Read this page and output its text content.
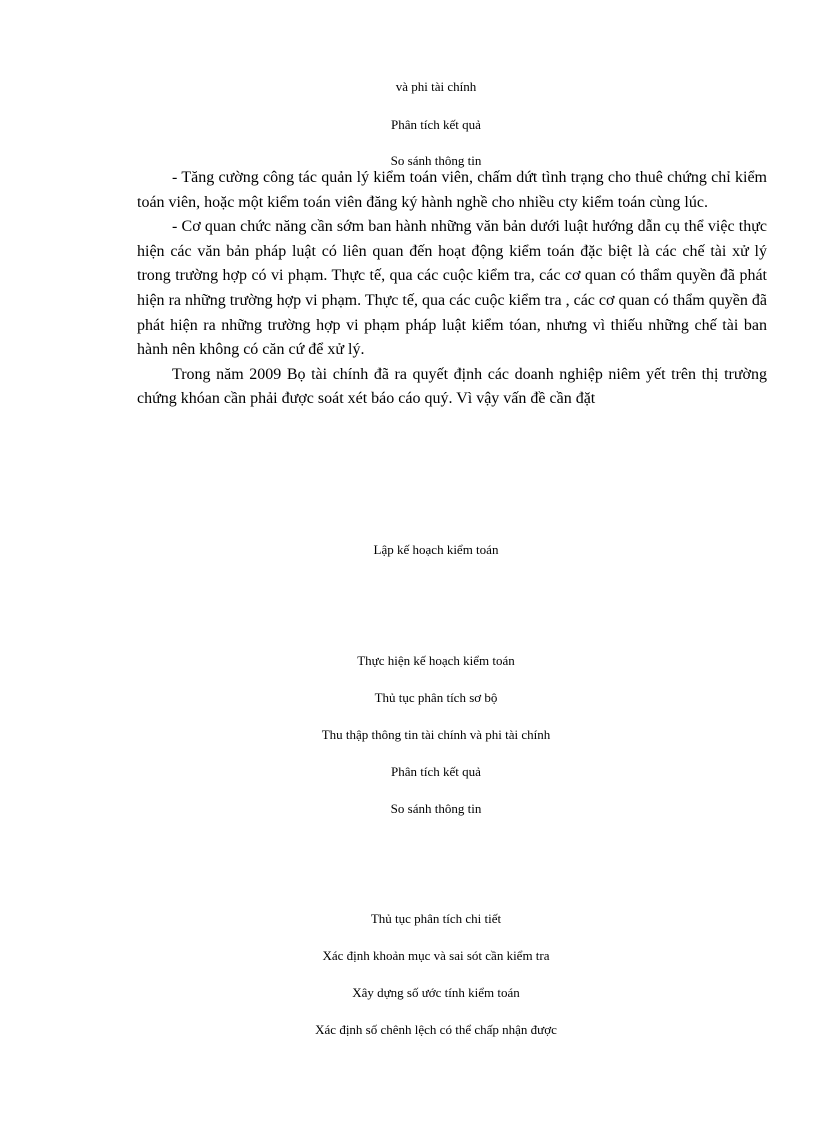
và phi tài chính
Phân tích kết quả
So sánh thông tin

- Tăng cường công tác quản lý kiểm toán viên, chấm dứt tình trạng cho thuê chứng chỉ kiểm toán viên, hoặc một kiểm toán viên đăng ký hành nghề cho nhiều cty kiểm toán cùng lúc.

- Cơ quan chức năng cần sớm ban hành những văn bản dưới luật hướng dẫn cụ thể việc thực hiện các văn bản pháp luật có liên quan đến hoạt động kiểm toán đặc biệt là các chế tài xử lý trong trường hợp có vi phạm. Thực tế, qua các cuộc kiểm tra, các cơ quan có thẩm quyền đã phát hiện ra những trường hợp vi phạm. Thực tế, qua các cuộc kiểm tra , các cơ quan có thẩm quyền đã phát hiện ra những trường hợp vi phạm pháp luật kiểm tóan, nhưng vì thiếu những chế tài ban hành nên không có căn cứ để xử lý.

Trong năm 2009 Bọ tài chính đã ra quyết định các doanh nghiệp niêm yết trên thị trường chứng khóan cần phải được soát xét báo cáo quý. Vì vậy vấn đề cần đặt

Lập kế hoạch kiểm toán
Thực hiện kế hoạch kiểm toán
Thủ tục phân tích sơ bộ
Thu thập thông tin tài chính và phi tài chính
Phân tích kết quả
So sánh thông tin
Thủ tục phân tích chi tiết
Xác định khoản mục và sai sót cần kiểm tra
Xây dựng số ước tính kiểm toán
Xác định số chênh lệch có thể chấp nhận được
